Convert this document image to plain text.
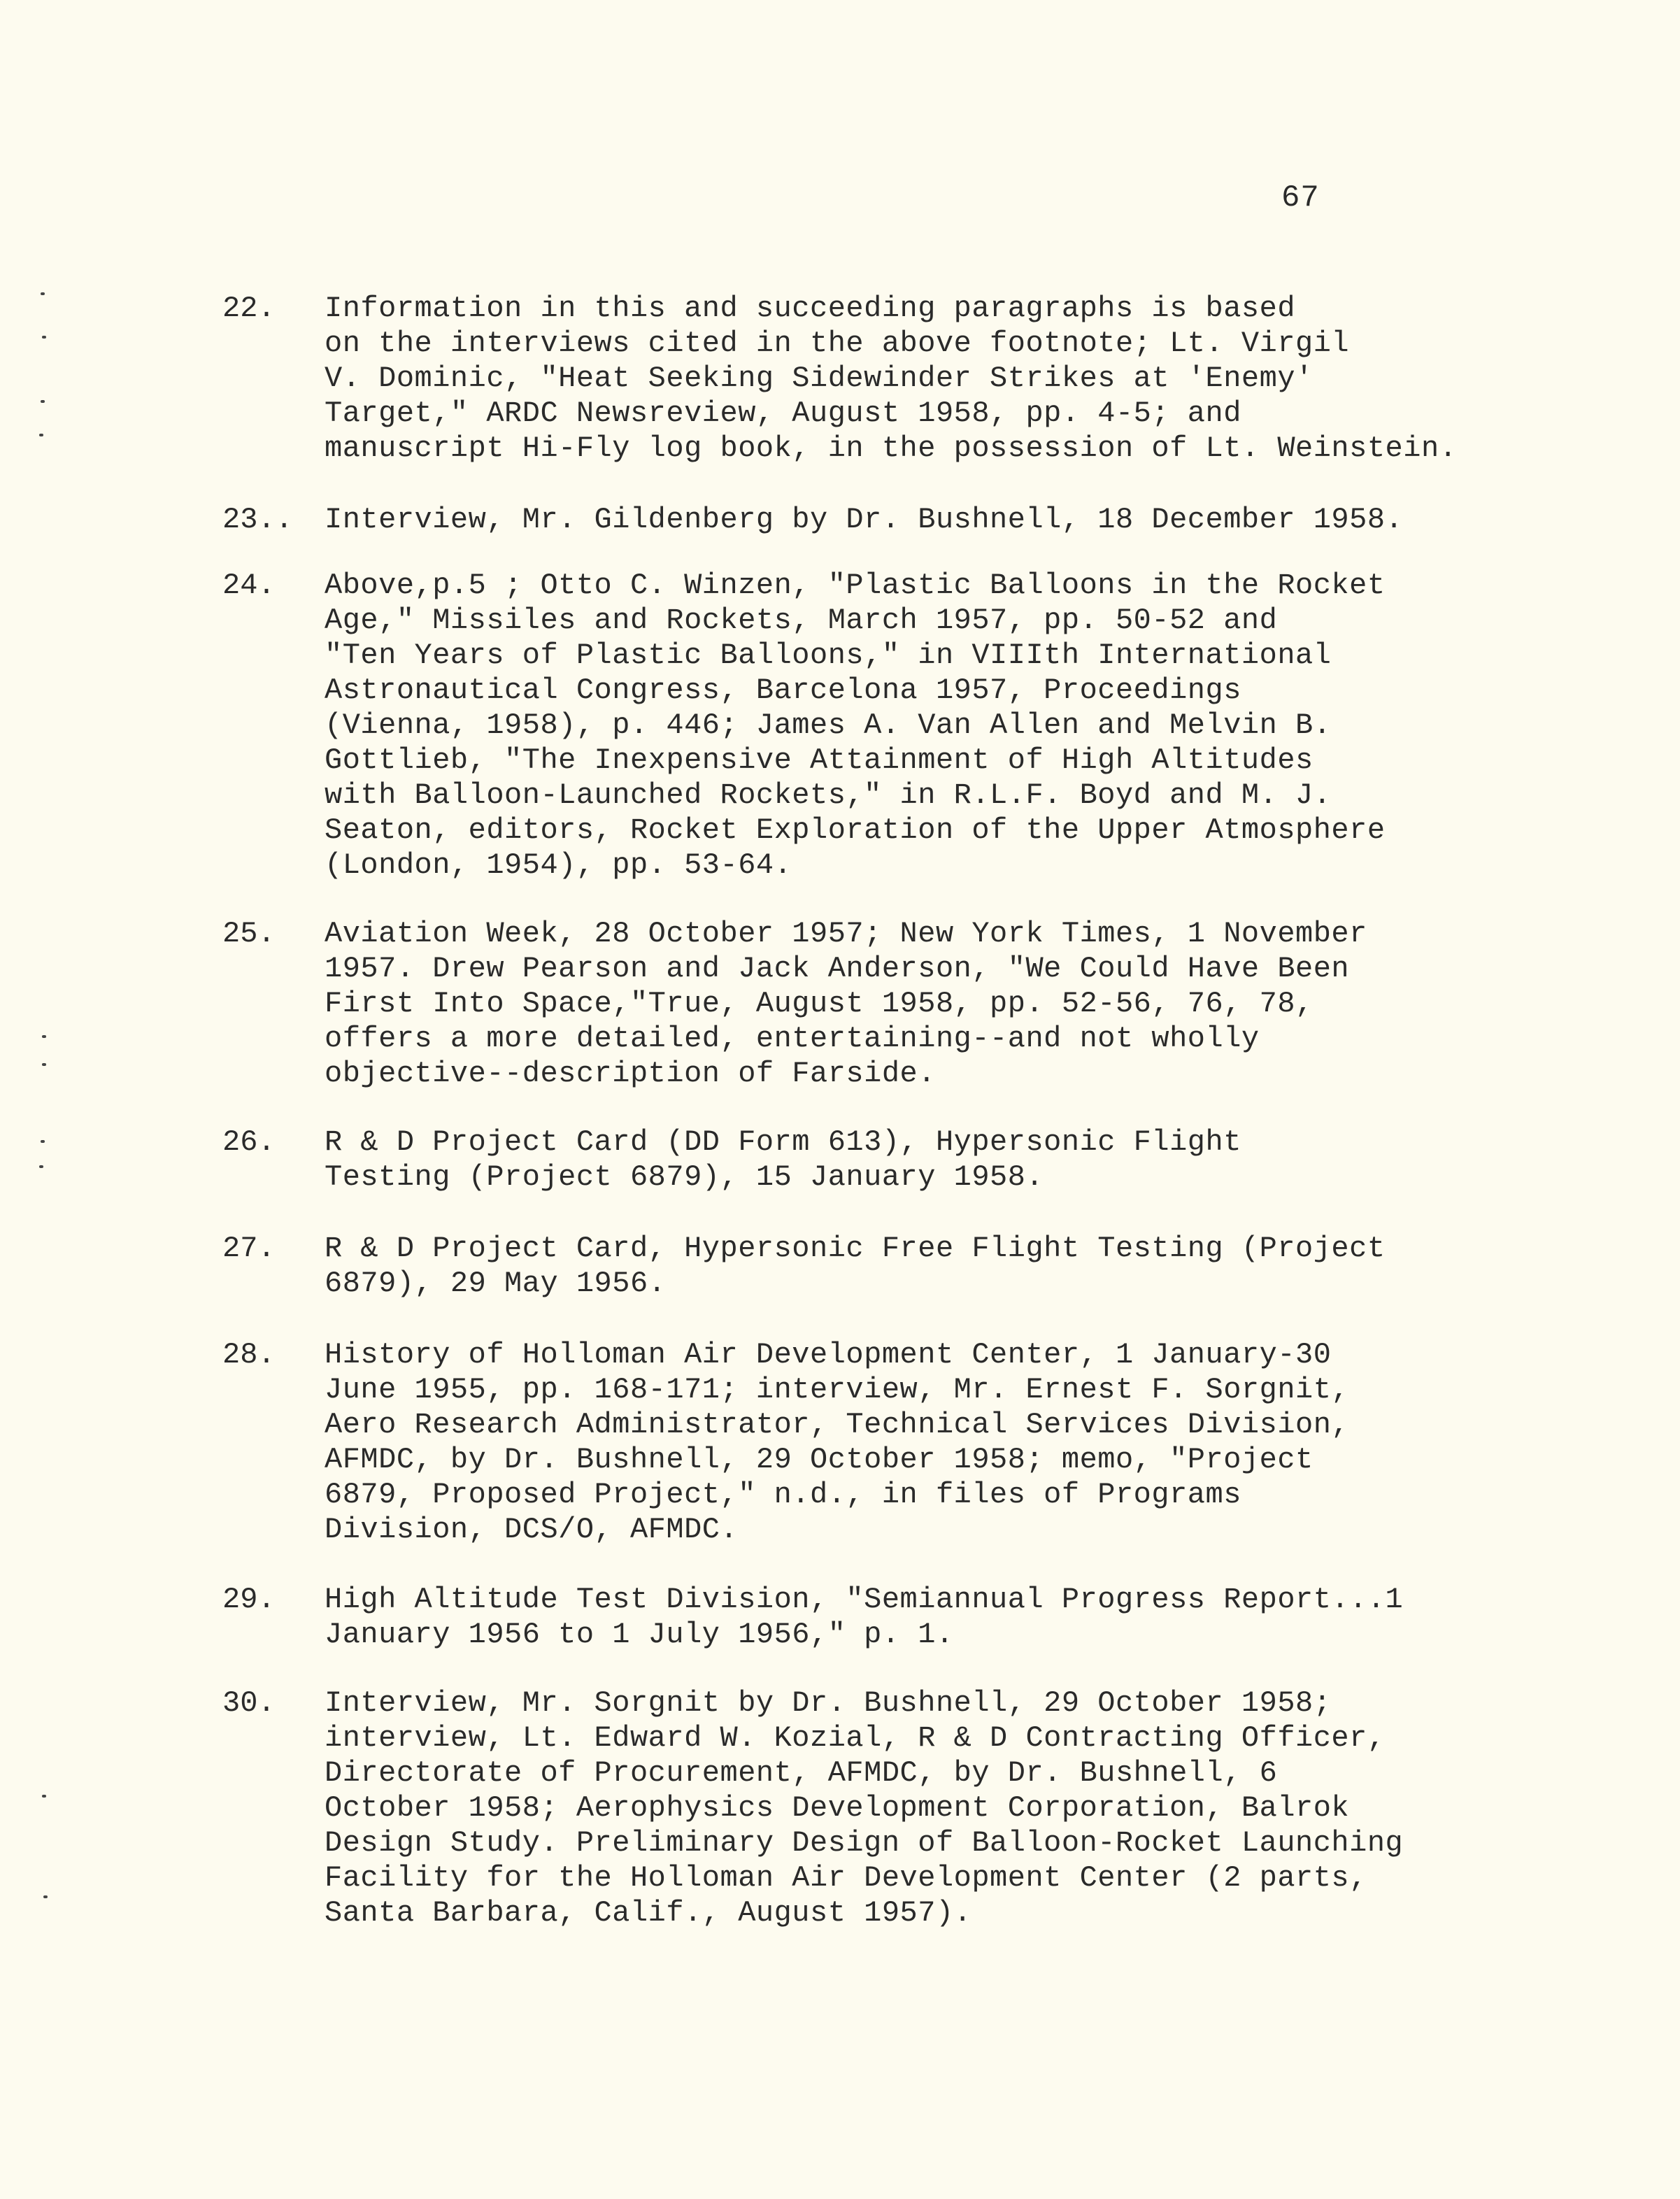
67
22.	Information in this and succeeding paragraphs is based
on the interviews cited in the above footnote; Lt. Virgil
V. Dominic, "Heat Seeking Sidewinder Strikes at 'Enemy'
Target," ARDC Newsreview, August 1958, pp. 4-5; and
manuscript Hi-Fly log book, in the possession of Lt. Weinstein.
23..	Interview, Mr. Gildenberg by Dr. Bushnell, 18 December 1958.
24.	Above,p.5 ; Otto C. Winzen, "Plastic Balloons in the Rocket
Age," Missiles and Rockets, March 1957, pp. 50-52 and
"Ten Years of Plastic Balloons," in VIIIth International
Astronautical Congress, Barcelona 1957, Proceedings
(Vienna, 1958), p. 446; James A. Van Allen and Melvin B.
Gottlieb, "The Inexpensive Attainment of High Altitudes
with Balloon-Launched Rockets," in R.L.F. Boyd and M. J.
Seaton, editors, Rocket Exploration of the Upper Atmosphere
(London, 1954), pp. 53-64.
25.	Aviation Week, 28 October 1957; New York Times, 1 November
1957. Drew Pearson and Jack Anderson, "We Could Have Been
First Into Space,"True, August 1958, pp. 52-56, 76, 78,
offers a more detailed, entertaining--and not wholly
objective--description of Farside.
26.	R & D Project Card (DD Form 613), Hypersonic Flight
Testing (Project 6879), 15 January 1958.
27.	R & D Project Card, Hypersonic Free Flight Testing (Project
6879), 29 May 1956.
28.	History of Holloman Air Development Center, 1 January-30
June 1955, pp. 168-171; interview, Mr. Ernest F. Sorgnit,
Aero Research Administrator, Technical Services Division,
AFMDC, by Dr. Bushnell, 29 October 1958; memo, "Project
6879, Proposed Project," n.d., in files of Programs
Division, DCS/O, AFMDC.
29.	High Altitude Test Division, "Semiannual Progress Report...1
January 1956 to 1 July 1956," p. 1.
30.	Interview, Mr. Sorgnit by Dr. Bushnell, 29 October 1958;
interview, Lt. Edward W. Kozial, R & D Contracting Officer,
Directorate of Procurement, AFMDC, by Dr. Bushnell, 6
October 1958; Aerophysics Development Corporation, Balrok
Design Study. Preliminary Design of Balloon-Rocket Launching
Facility for the Holloman Air Development Center (2 parts,
Santa Barbara, Calif., August 1957).
